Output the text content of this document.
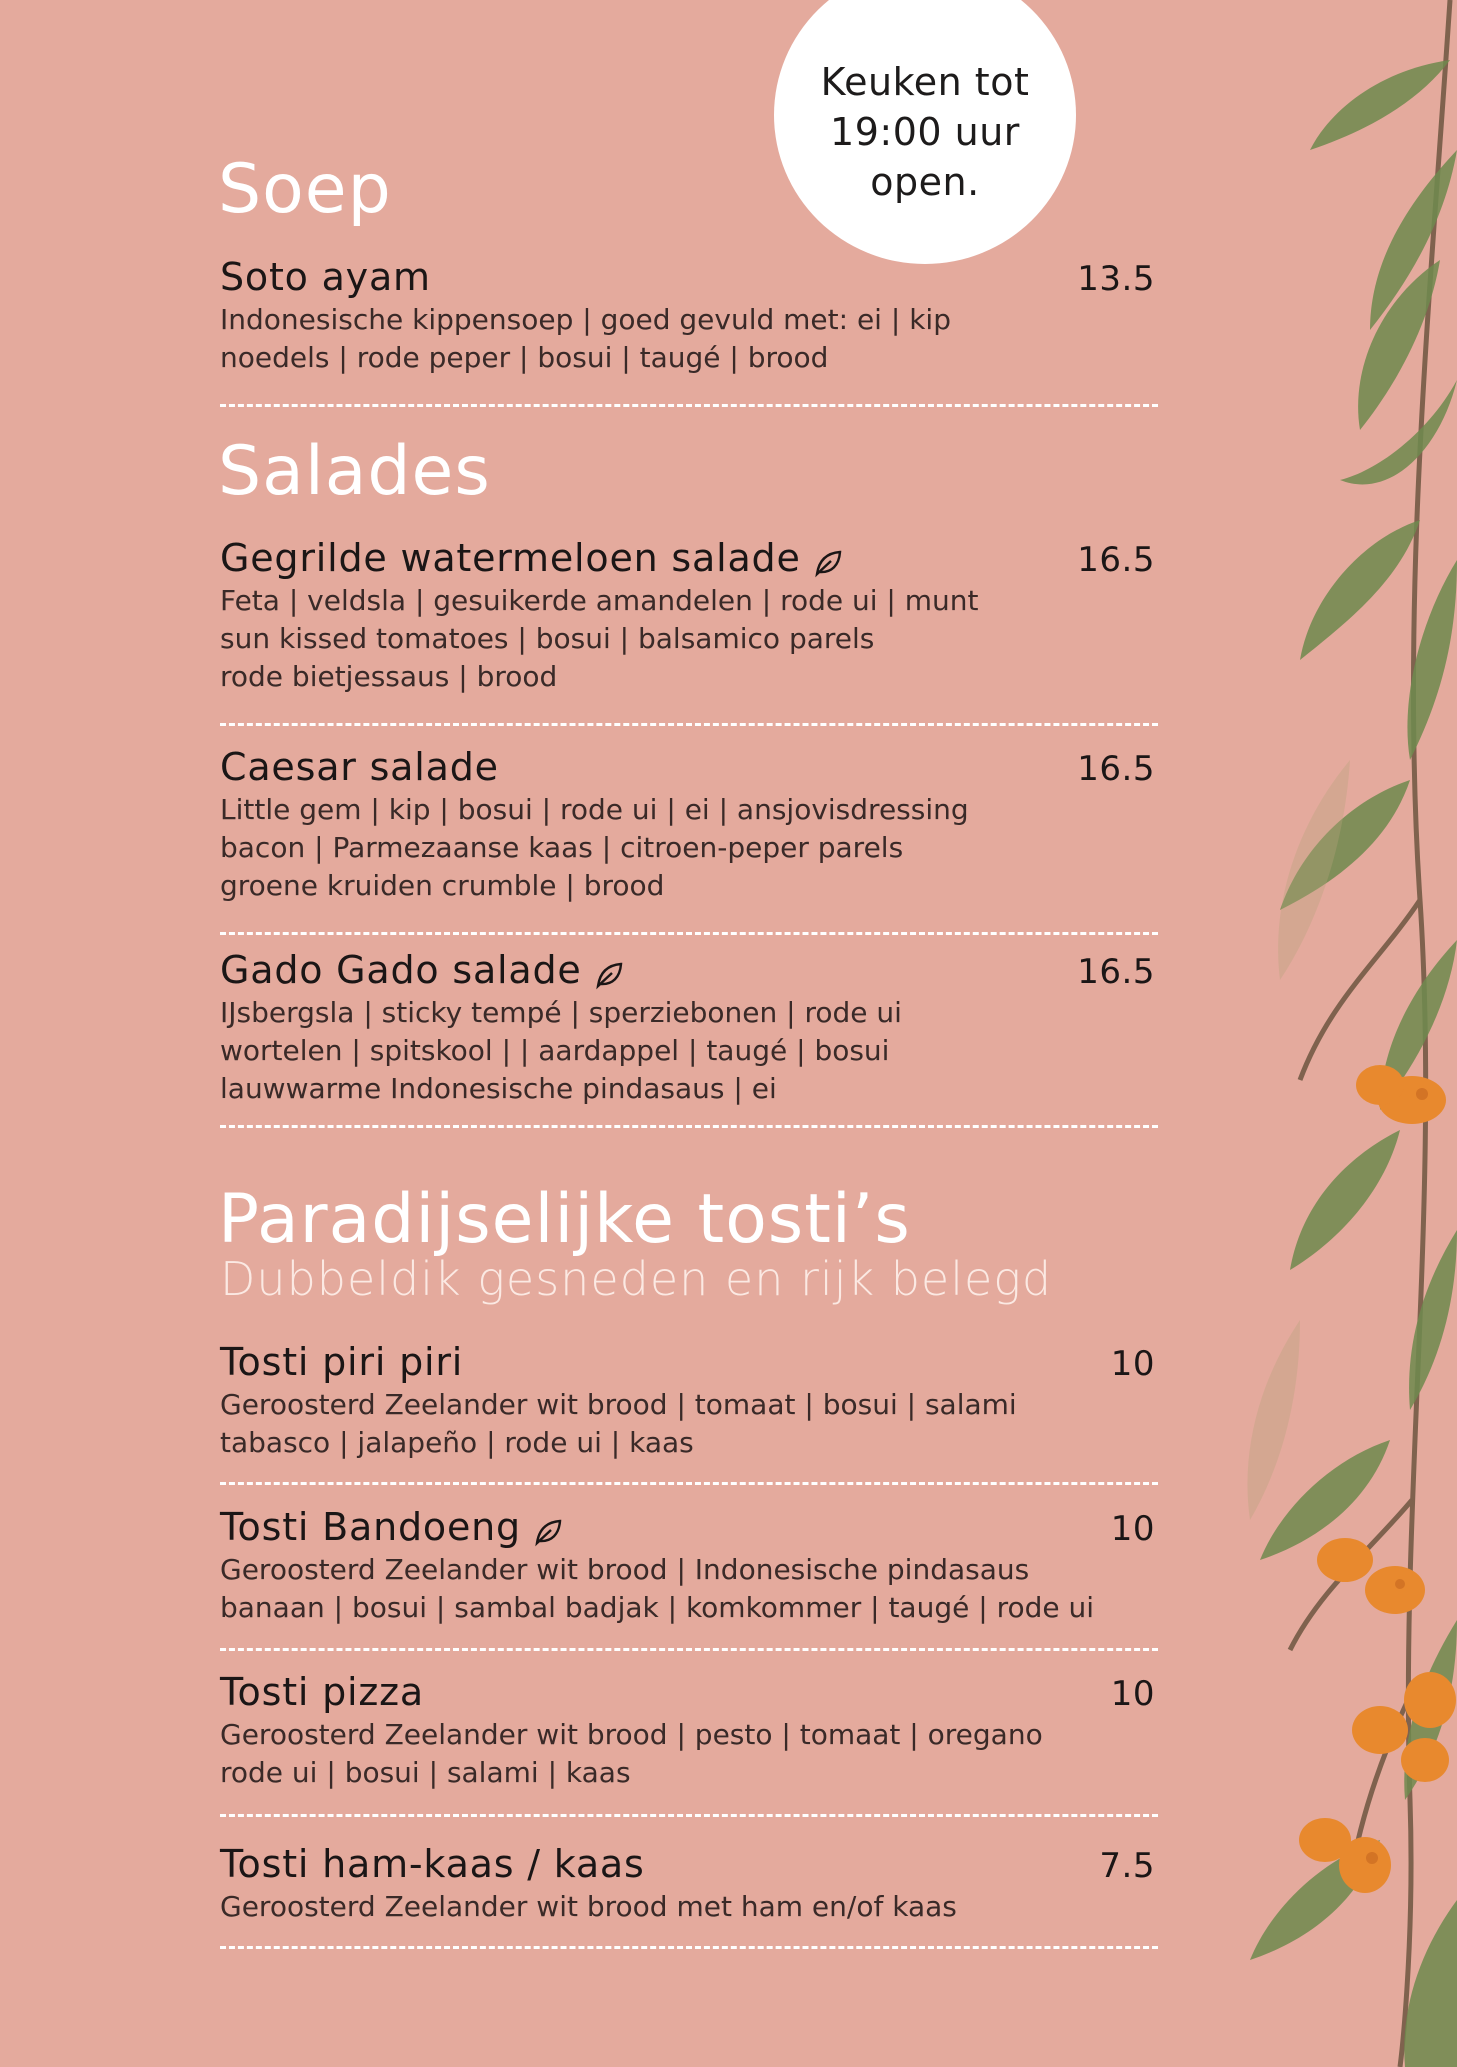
Keuken tot
19:00 uur
open.
Soep
Soto ayam	13.5
Indonesische kippensoep | goed gevuld met: ei | kip
noedels | rode peper | bosui | taugé | brood
Salades
Gegrilde watermeloen salade	16.5
Feta | veldsla | gesuikerde amandelen | rode ui | munt
sun kissed tomatoes | bosui | balsamico parels
rode bietjessaus | brood
Caesar salade	16.5
Little gem | kip | bosui | rode ui | ei | ansjovisdressing
bacon | Parmezaanse kaas | citroen-peper parels
groene kruiden crumble | brood
Gado Gado salade	16.5
IJsbergsla | sticky tempé | sperziebonen | rode ui
wortelen | spitskool | | aardappel | taugé | bosui
lauwwarme Indonesische pindasaus | ei
Paradijselijke tosti’s

Dubbeldik gesneden en rijk belegd

Tosti piri piri	10
Geroosterd Zeelander wit brood | tomaat | bosui | salami
tabasco | jalapeño | rode ui | kaas
Tosti Bandoeng	10
Geroosterd Zeelander wit brood | Indonesische pindasaus
banaan | bosui | sambal badjak | komkommer | taugé | rode ui
Tosti pizza	10
Geroosterd Zeelander wit brood | pesto | tomaat | oregano
rode ui | bosui | salami | kaas
Tosti ham-kaas / kaas	7.5
Geroosterd Zeelander wit brood met ham en/of kaas
